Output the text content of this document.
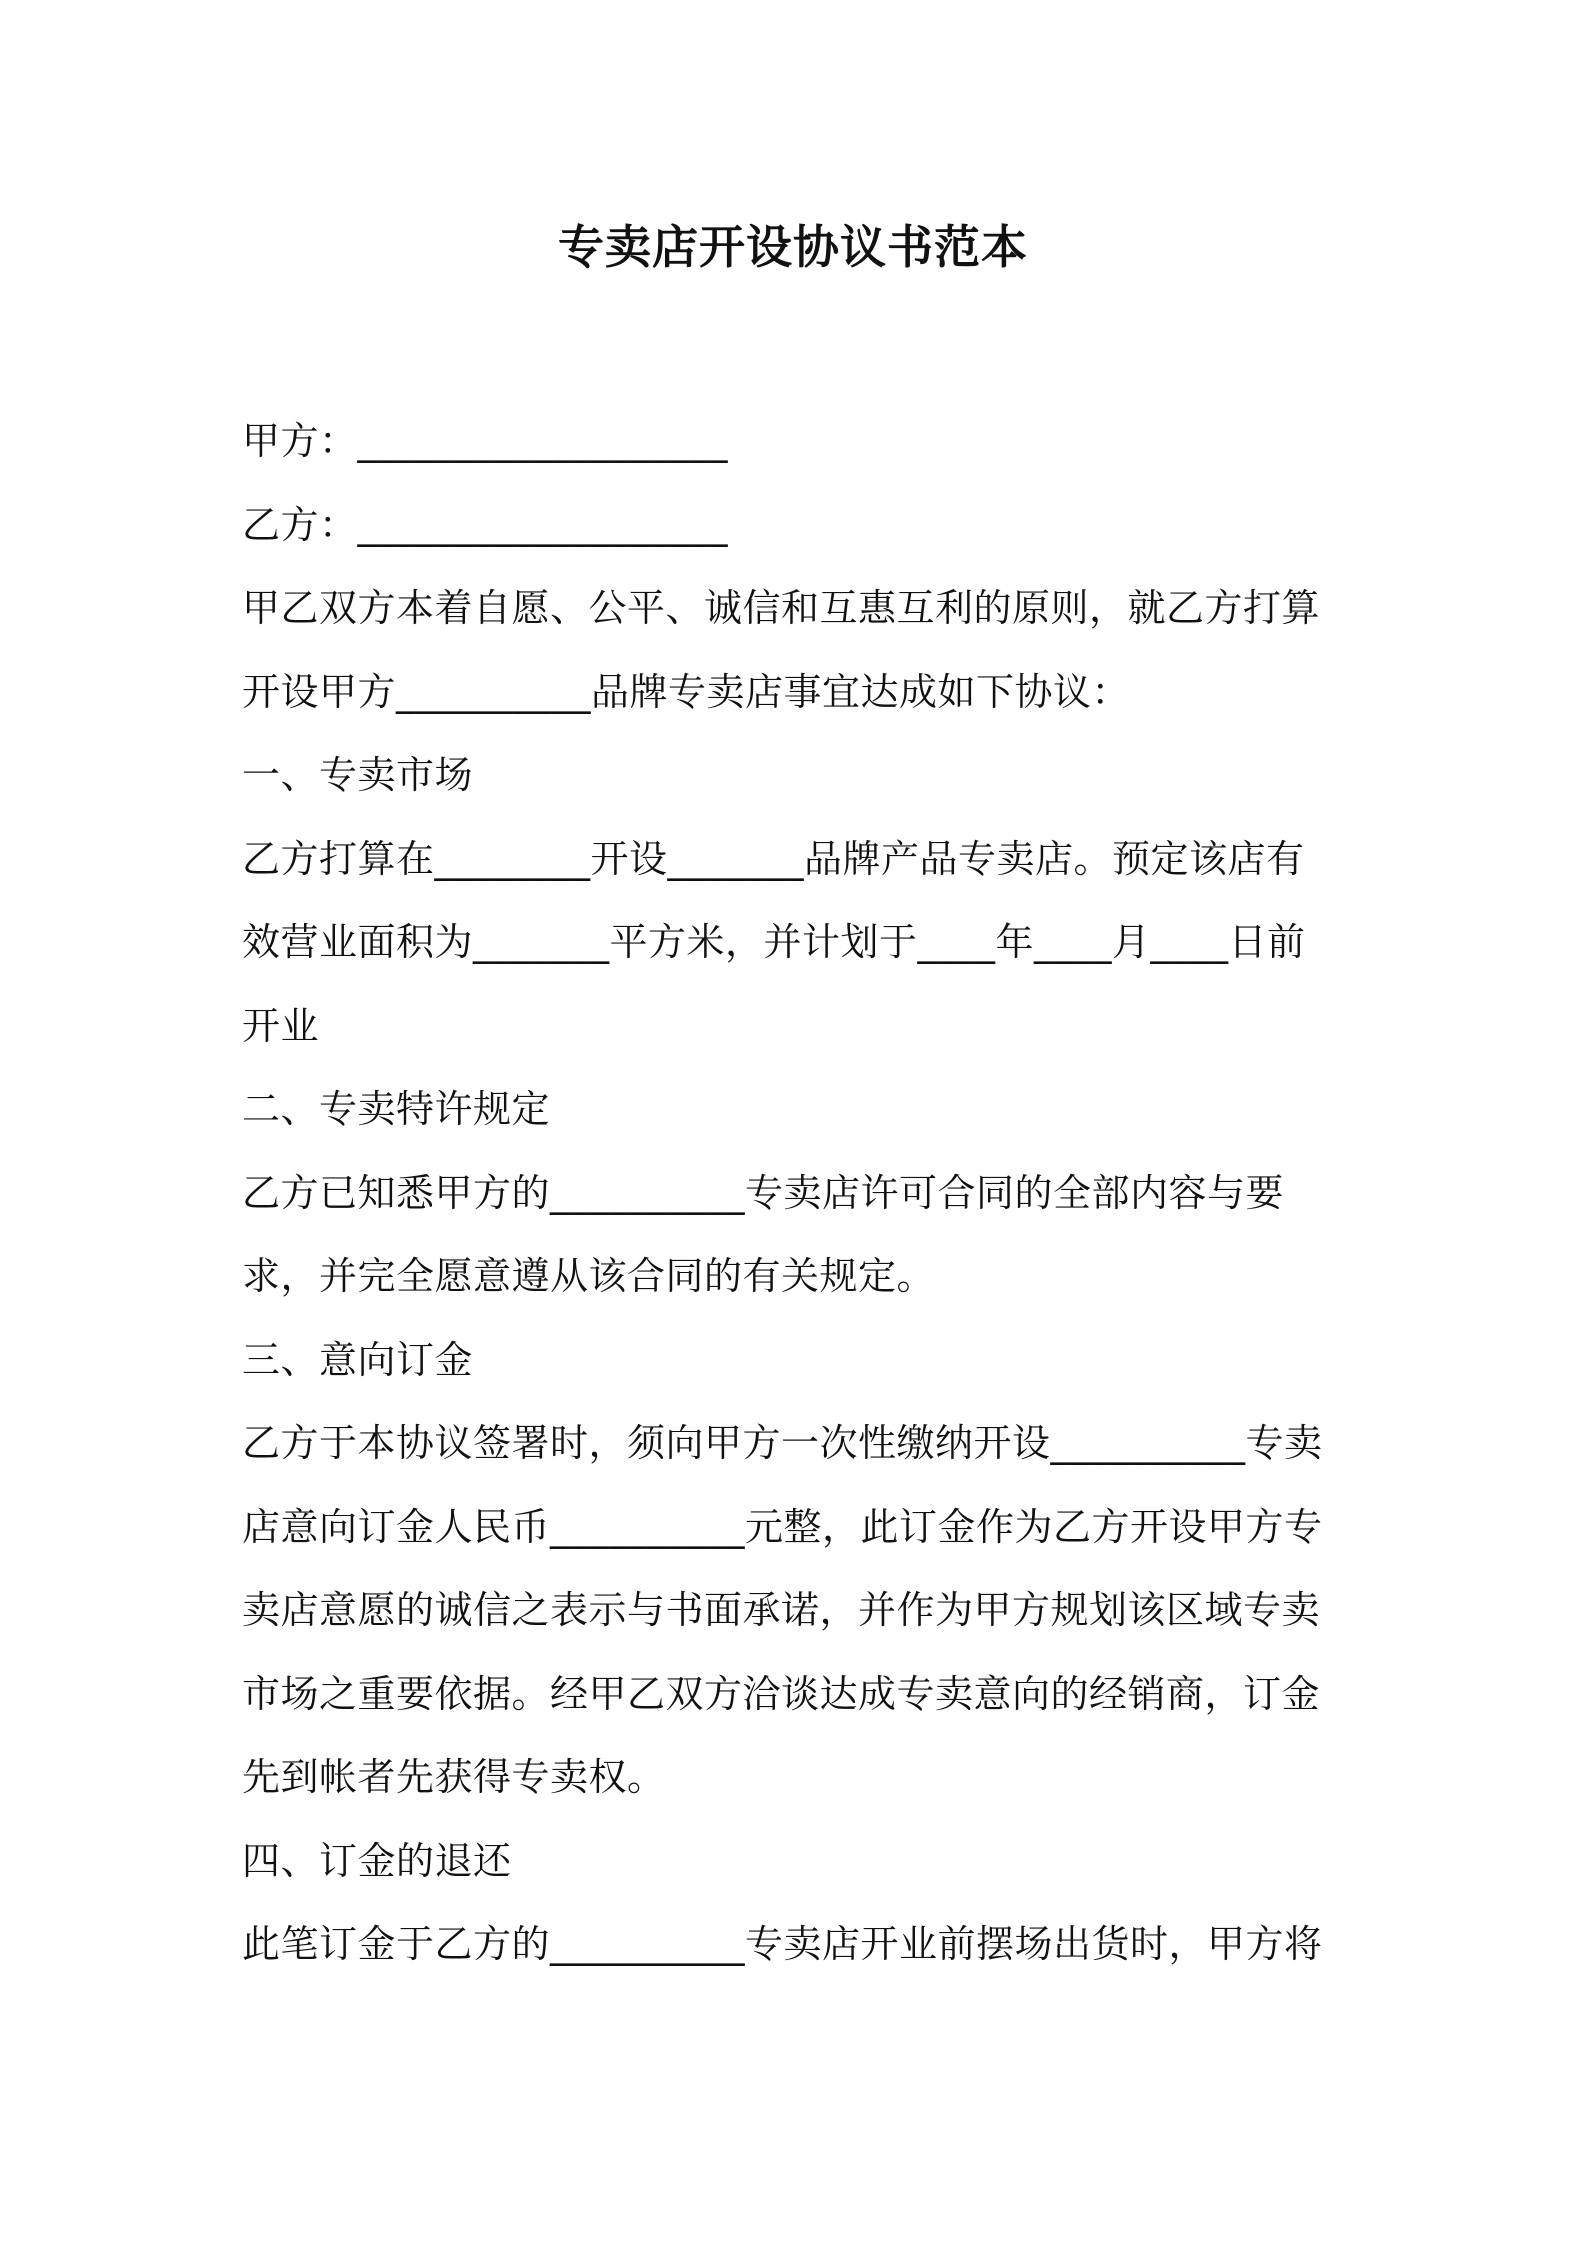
专卖店开设协议书范本
甲方：___________________
乙方：___________________
甲乙双方本着自愿、公平、诚信和互惠互利的原则，就乙方打算
开设甲方__________品牌专卖店事宜达成如下协议：
一、专卖市场
乙方打算在________开设_______品牌产品专卖店。预定该店有
效营业面积为_______平方米，并计划于____年____月____日前
开业
二、专卖特许规定
乙方已知悉甲方的__________专卖店许可合同的全部内容与要
求，并完全愿意遵从该合同的有关规定。
三、意向订金
乙方于本协议签署时，须向甲方一次性缴纳开设__________专卖
店意向订金人民币__________元整，此订金作为乙方开设甲方专
卖店意愿的诚信之表示与书面承诺，并作为甲方规划该区域专卖
市场之重要依据。经甲乙双方洽谈达成专卖意向的经销商，订金
先到帐者先获得专卖权。
四、订金的退还
此笔订金于乙方的__________专卖店开业前摆场出货时，甲方将
